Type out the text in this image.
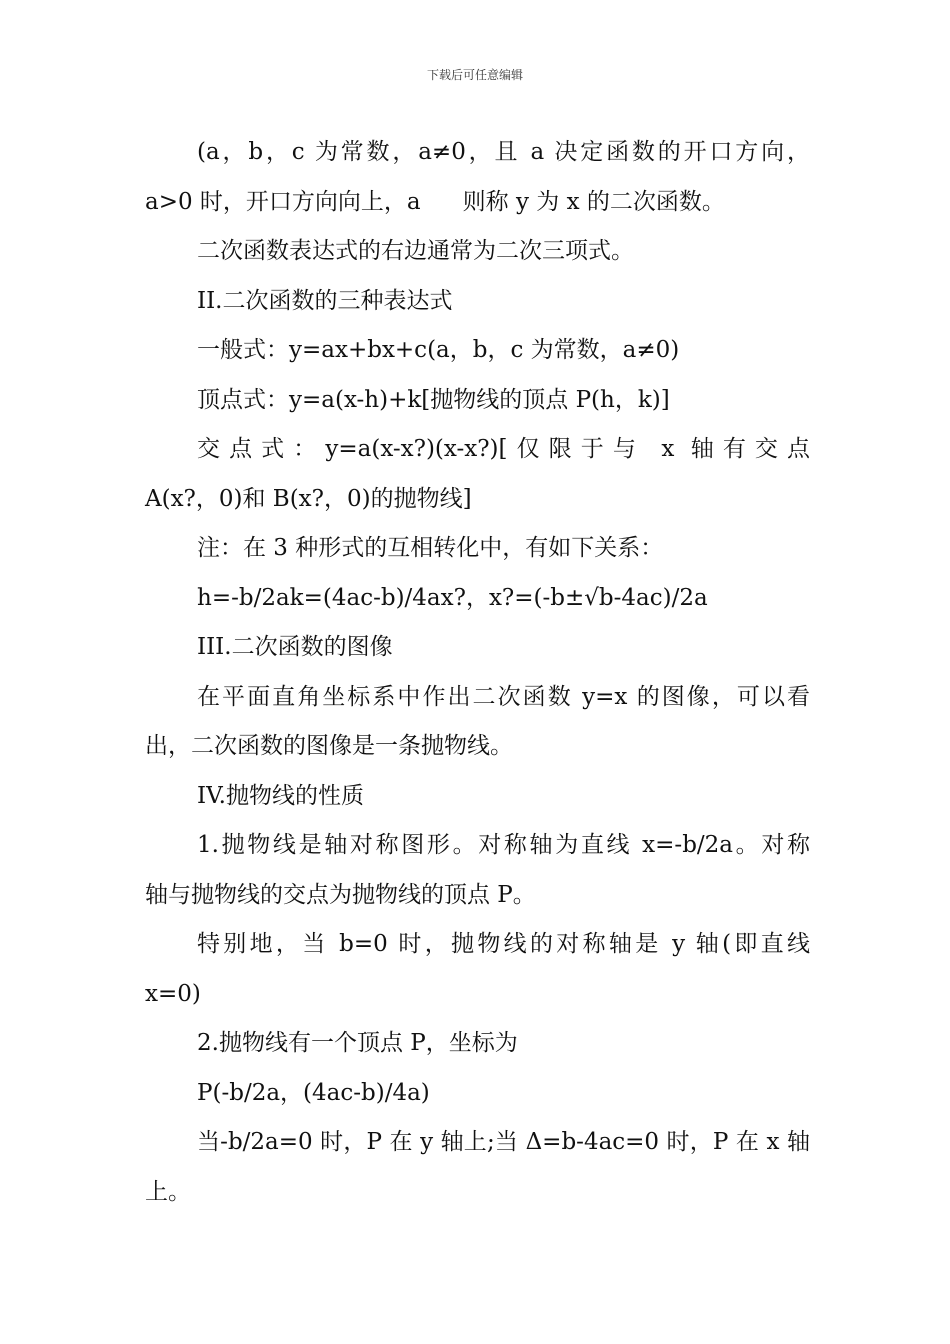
下载后可任意编辑

(a，b，c 为常数，a≠0，且 a 决定函数的开口方向，

a>0 时，开口方向向上，a 则称 y 为 x 的二次函数。

二次函数表达式的右边通常为二次三项式。

II.二次函数的三种表达式

一般式：y=ax+bx+c(a，b，c 为常数，a≠0)

顶点式：y=a(x-h)+k[抛物线的顶点 P(h，k)]

交点式：y=a(x-x?)(x-x?)[仅限于与 x 轴有交点

A(x?，0)和 B(x?，0)的抛物线]

注：在 3 种形式的互相转化中，有如下关系：

h=-b/2ak=(4ac-b)/4ax?，x?=(-b±√b-4ac)/2a

III.二次函数的图像

在平面直角坐标系中作出二次函数 y=x 的图像，可以看

出，二次函数的图像是一条抛物线。

IV.抛物线的性质

1.抛物线是轴对称图形。对称轴为直线 x=-b/2a。对称

轴与抛物线的交点为抛物线的顶点 P。

特别地，当 b=0 时，抛物线的对称轴是 y 轴(即直线

x=0)

2.抛物线有一个顶点 P，坐标为

P(-b/2a，(4ac-b)/4a)

当-b/2a=0 时，P 在 y 轴上;当 Δ=b-4ac=0 时，P 在 x 轴

上。
